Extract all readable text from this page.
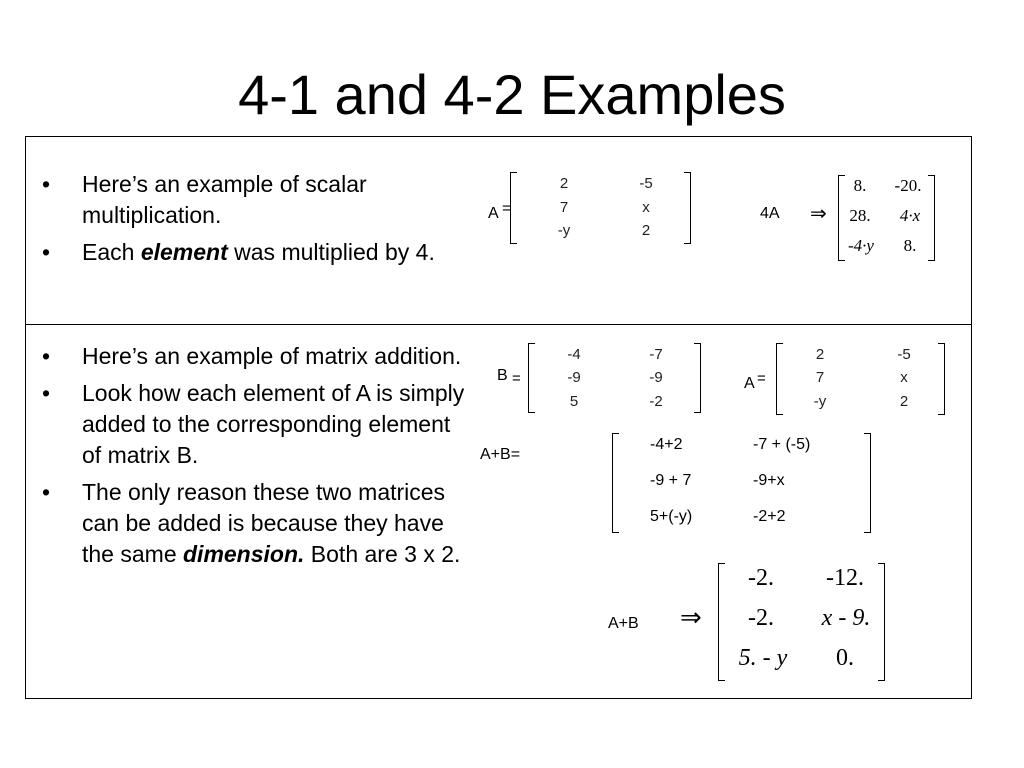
4-1 and 4-2 Examples
• Here’s an example of scalar multiplication.
• Each element was multiplied by 4.
A =
2	-5
7	x
-y	2
4A ⇒
8.	-20.
28.	4·x
-4·y	8.
• Here’s an example of matrix addition.
• Look how each element of A is simply added to the corresponding element of matrix B.
• The only reason these two matrices can be added is because they have the same dimension. Both are 3 x 2.
B =
-4	-7
-9	-9
5	-2
A =
2	-5
7	x
-y	2
A+B=
-4+2	-7 + (-5)
-9 + 7	-9+x
5+(-y)	-2+2
A+B ⇒
-2.	-12.
-2.	x - 9.
5. - y	0.
